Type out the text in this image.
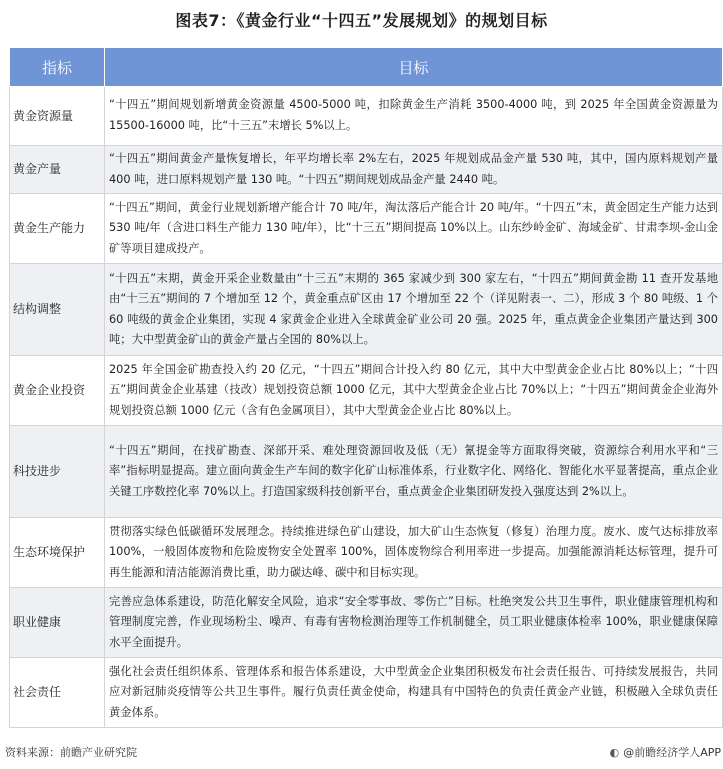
图表7：《黄金行业“十四五”发展规划》的规划目标
指标	目标
黄金资源量	“十四五”期间规划新增黄金资源量 4500-5000 吨，扣除黄金生产消耗 3500-4000 吨，到 2025 年全国黄金资源量为 15500-16000 吨，比“十三五”末增长 5%以上。
黄金产量	“十四五”期间黄金产量恢复增长，年平均增长率 2%左右，2025 年规划成品金产量 530 吨，其中，国内原料规划产量 400 吨，进口原料规划产量 130 吨。“十四五”期间规划成品金产量 2440 吨。
黄金生产能力	“十四五”期间，黄金行业规划新增产能合计 70 吨/年，淘汰落后产能合计 20 吨/年。“十四五”末，黄金固定生产能力达到 530 吨/年（含进口料生产能力 130 吨/年），比“十三五”期间提高 10%以上。山东纱岭金矿、海域金矿、甘肃李坝-金山金矿等项目建成投产。
结构调整	“十四五”末期，黄金开采企业数量由“十三五”末期的 365 家减少到 300 家左右，“十四五”期间黄金勘 11 查开发基地由“十三五”期间的 7 个增加至 12 个，黄金重点矿区由 17 个增加至 22 个（详见附表一、二），形成 3 个 80 吨级、1 个 60 吨级的黄金企业集团，实现 4 家黄金企业进入全球黄金矿业公司 20 强。2025 年，重点黄金企业集团产量达到 300 吨；大中型黄金矿山的黄金产量占全国的 80%以上。
黄金企业投资	2025 年全国金矿勘查投入约 20 亿元，“十四五”期间合计投入约 80 亿元，其中大中型黄金企业占比 80%以上；“十四五”期间黄金企业基建（技改）规划投资总额 1000 亿元，其中大型黄金企业占比 70%以上；“十四五”期间黄金企业海外规划投资总额 1000 亿元（含有色金属项目），其中大型黄金企业占比 80%以上。
科技进步	“十四五”期间，在找矿勘查、深部开采、难处理资源回收及低（无）氰提金等方面取得突破，资源综合利用水平和“三率”指标明显提高。建立面向黄金生产车间的数字化矿山标准体系，行业数字化、网络化、智能化水平显著提高，重点企业关键工序数控化率 70%以上。打造国家级科技创新平台，重点黄金企业集团研发投入强度达到 2%以上。
生态环境保护	贯彻落实绿色低碳循环发展理念。持续推进绿色矿山建设，加大矿山生态恢复（修复）治理力度。废水、废气达标排放率 100%，一般固体废物和危险废物安全处置率 100%，固体废物综合利用率进一步提高。加强能源消耗达标管理，提升可再生能源和清洁能源消费比重，助力碳达峰、碳中和目标实现。
职业健康	完善应急体系建设，防范化解安全风险，追求“安全零事故、零伤亡”目标。杜绝突发公共卫生事件，职业健康管理机构和管理制度完善，作业现场粉尘、噪声、有毒有害物检测治理等工作机制健全，员工职业健康体检率 100%，职业健康保障水平全面提升。
社会责任	强化社会责任组织体系、管理体系和报告体系建设，大中型黄金企业集团积极发布社会责任报告、可持续发展报告，共同应对新冠肺炎疫情等公共卫生事件。履行负责任黄金使命，构建具有中国特色的负责任黄金产业链，积极融入全球负责任黄金体系。
资料来源：前瞻产业研究院	◐ @前瞻经济学人APP
